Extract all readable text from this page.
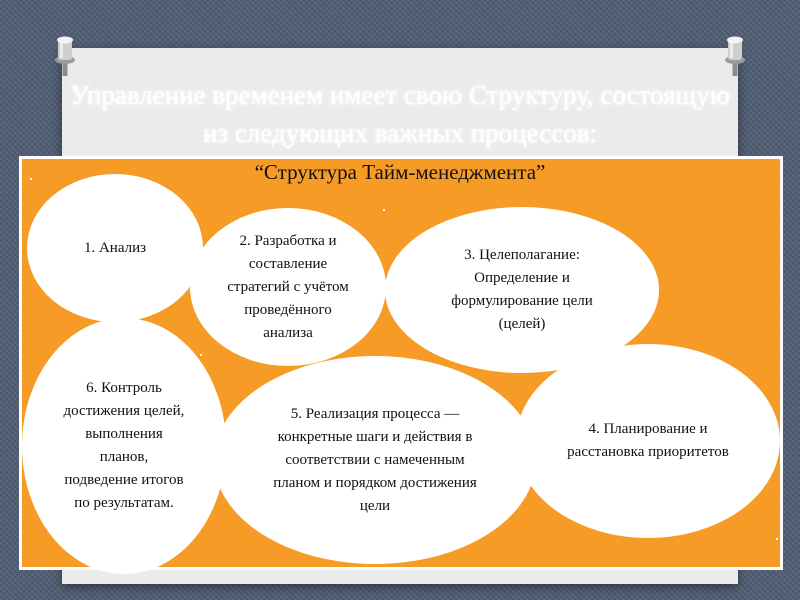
Управление временем имеет свою Структуру, состоящую из следующих важных процессов:
“Структура Тайм-менеджмента”
1. Анализ	2. Разработка и составление стратегий с учётом проведённого анализа
3. Целеполагание: Определение и формулирование цели (целей)
4. Планирование и расстановка приоритетов
5. Реализация процесса — конкретные шаги и действия в соответствии с намеченным планом и порядком достижения цели
6. Контроль достижения целей, выполнения планов, подведение итогов по результатам.
